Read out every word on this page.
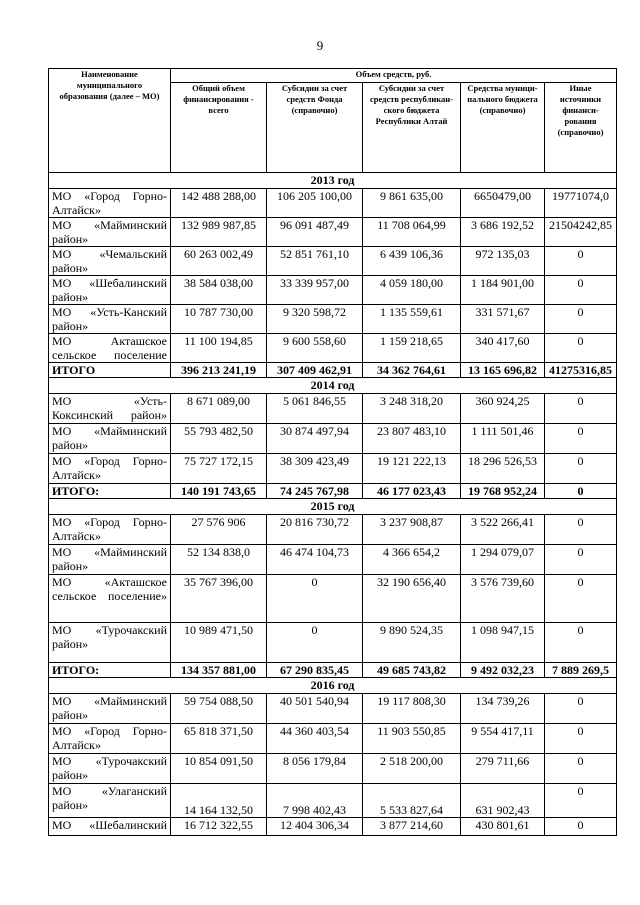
9
Наименование муниципального образования (далее – МО)	Объем средств, руб.				
	Общий объем финансирования - всего	Субсидии за счет средств Фонда (справочно)	Субсидии за счет средств республикан-ского бюджета Республики Алтай	Средства муници-пального бюджета (справочно)	Иные источники финанси-рования (справочно)
2013 год					
МО «Город Горно-Алтайск»	142 488 288,00	106 205 100,00	9 861 635,00	6650479,00	19771074,0
МО «Майминский район»	132 989 987,85	96 091 487,49	11 708 064,99	3 686 192,52	21504242,85
МО «Чемальский район»	60 263 002,49	52 851 761,10	6 439 106,36	972 135,03	0
МО «Шебалинский район»	38 584 038,00	33 339 957,00	4 059 180,00	1 184 901,00	0
МО «Усть-Канский район»	10 787 730,00	9 320 598,72	1 135 559,61	331 571,67	0
МО Акташское сельское поселение	11 100 194,85	9 600 558,60	1 159 218,65	340 417,60	0
ИТОГО	396 213 241,19	307 409 462,91	34 362 764,61	13 165 696,82	41275316,85
2014 год					
МО «Усть-Коксинский район»	8 671 089,00	5 061 846,55	3 248 318,20	360 924,25	0
МО «Майминский район»	55 793 482,50	30 874 497,94	23 807 483,10	1 111 501,46	0
МО «Город Горно-Алтайск»	75 727 172,15	38 309 423,49	19 121 222,13	18 296 526,53	0
ИТОГО:	140 191 743,65	74 245 767,98	46 177 023,43	19 768 952,24	0
2015 год					
МО «Город Горно-Алтайск»	27 576 906	20 816 730,72	3 237 908,87	3 522 266,41	0
МО «Майминский район»	52 134 838,0	46 474 104,73	4 366 654,2	1 294 079,07	0
МО «Акташское сельское поселение»	35 767 396,00	0	32 190 656,40	3 576 739,60	0
МО «Турочакский район»	10 989 471,50	0	9 890 524,35	1 098 947,15	0
ИТОГО:	134 357 881,00	67 290 835,45	49 685 743,82	9 492 032,23	7 889 269,5
2016 год					
МО «Майминский район»	59 754 088,50	40 501 540,94	19 117 808,30	134 739,26	0
МО «Город Горно-Алтайск»	65 818 371,50	44 360 403,54	11 903 550,85	9 554 417,11	0
МО «Турочакский район»	10 854 091,50	8 056 179,84	2 518 200,00	279 711,66	0
МО «Улаганский район»	14 164 132,50	7 998 402,43	5 533 827,64	631 902,43	0
МО «Шебалинский	16 712 322,55	12 404 306,34	3 877 214,60	430 801,61	0
